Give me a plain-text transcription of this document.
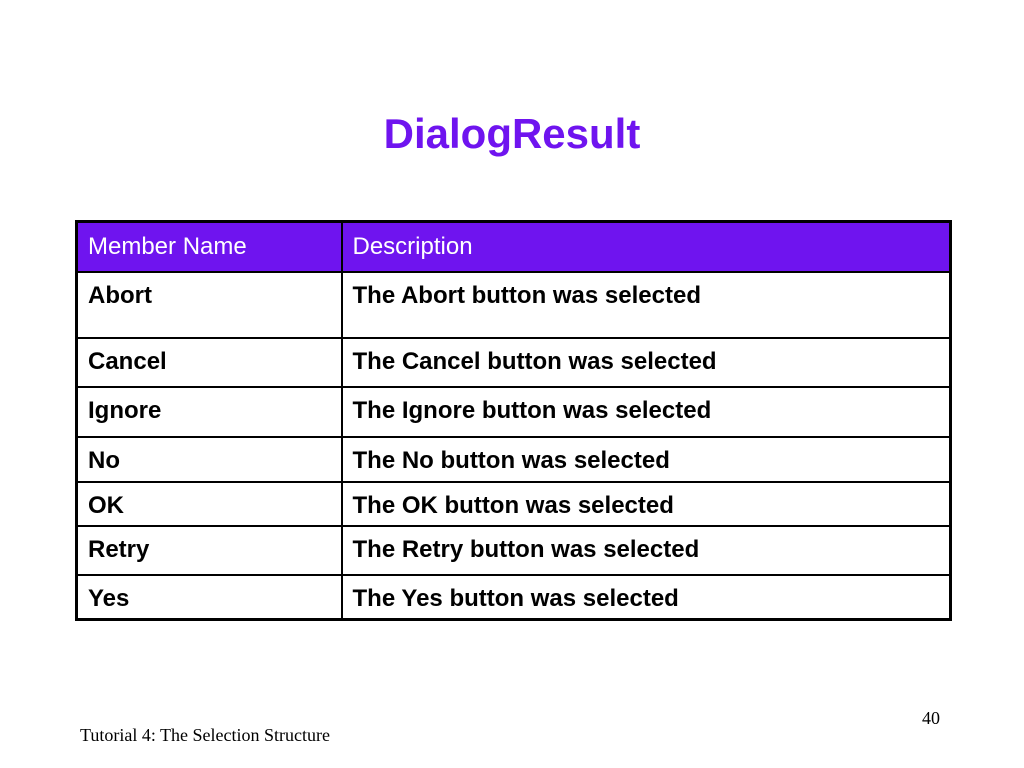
DialogResult
Member Name	Description
Abort	The Abort button was selected
Cancel	The Cancel button was selected
Ignore	The Ignore button was selected
No	The No button was selected
OK	The OK button was selected
Retry	The Retry button was selected
Yes	The Yes button was selected
40
Tutorial 4: The Selection Structure
